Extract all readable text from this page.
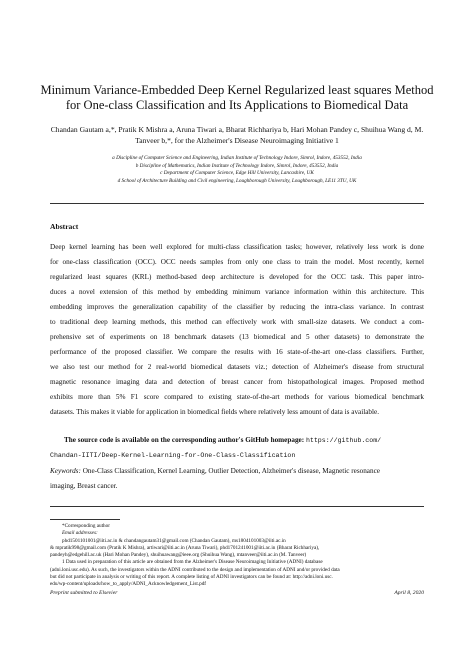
Minimum Variance-Embedded Deep Kernel Regularized least squares Method
for One-class Classification and Its Applications to Biomedical Data
Chandan Gautam a,*, Pratik K Mishra a, Aruna Tiwari a, Bharat Richhariya b, Hari Mohan Pandey c, Shuihua Wang d, M.
Tanveer b,*, for the Alzheimer's Disease Neuroimaging Initiative 1
a Discipline of Computer Science and Engineering, Indian Institute of Technology Indore, Simrol, Indore, 453552, India
b Discipline of Mathematics, Indian Institute of Technology Indore, Simrol, Indore, 453552, India
c Department of Computer Science, Edge Hill University, Lancashire, UK
d School of Architecture Building and Civil engineering, Loughborough University, Loughborough, LE11 3TU, UK
Abstract
Deep kernel learning has been well explored for multi-class classification tasks; however, relatively less work is done
for one-class classification (OCC). OCC needs samples from only one class to train the model. Most recently, kernel
regularized least squares (KRL) method-based deep architecture is developed for the OCC task. This paper intro-
duces a novel extension of this method by embedding minimum variance information within this architecture. This
embedding improves the generalization capability of the classifier by reducing the intra-class variance. In contrast
to traditional deep learning methods, this method can effectively work with small-size datasets. We conduct a com-
prehensive set of experiments on 18 benchmark datasets (13 biomedical and 5 other datasets) to demonstrate the
performance of the proposed classifier. We compare the results with 16 state-of-the-art one-class classifiers. Further,
we also test our method for 2 real-world biomedical datasets viz.; detection of Alzheimer's disease from structural
magnetic resonance imaging data and detection of breast cancer from histopathological images. Proposed method
exhibits more than 5% F1 score compared to existing state-of-the-art methods for various biomedical benchmark
datasets. This makes it viable for application in biomedical fields where relatively less amount of data is available.
The source code is available on the corresponding author's GitHub homepage: https://github.com/
Chandan-IITI/Deep-Kernel-Learning-for-One-Class-Classification
Keywords: One-Class Classification, Kernel Learning, Outlier Detection, Alzheimer's disease, Magnetic resonance
imaging, Breast cancer.
*Corresponding author
Email addresses:
phd1501101001@iiti.ac.in & chandangautam31@gmail.com (Chandan Gautam), ms1804101003@iiti.ac.in
& mpratik998@gmail.com (Pratik K Mishra), artiwari@iiti.ac.in (Aruna Tiwari), phd1701241001@iiti.ac.in (Bharat Richhariya),
pandeyh@edgehill.ac.uk (Hari Mohan Pandey), shuihuawang@ieee.org (Shuihua Wang), mtanveer@iiti.ac.in (M. Tanveer)
1 Data used in preparation of this article are obtained from the Alzheimer's Disease Neuroimaging Initiative (ADNI) database
(adni.loni.usc.edu). As such, the investigators within the ADNI contributed to the design and implementation of ADNI and/or provided data
but did not participate in analysis or writing of this report. A complete listing of ADNI investigators can be found at: http://adni.loni.usc.
edu/wp-content/uploads/how_to_apply/ADNI_Acknowledgement_List.pdf
Preprint submitted to Elsevier	April 8, 2020
